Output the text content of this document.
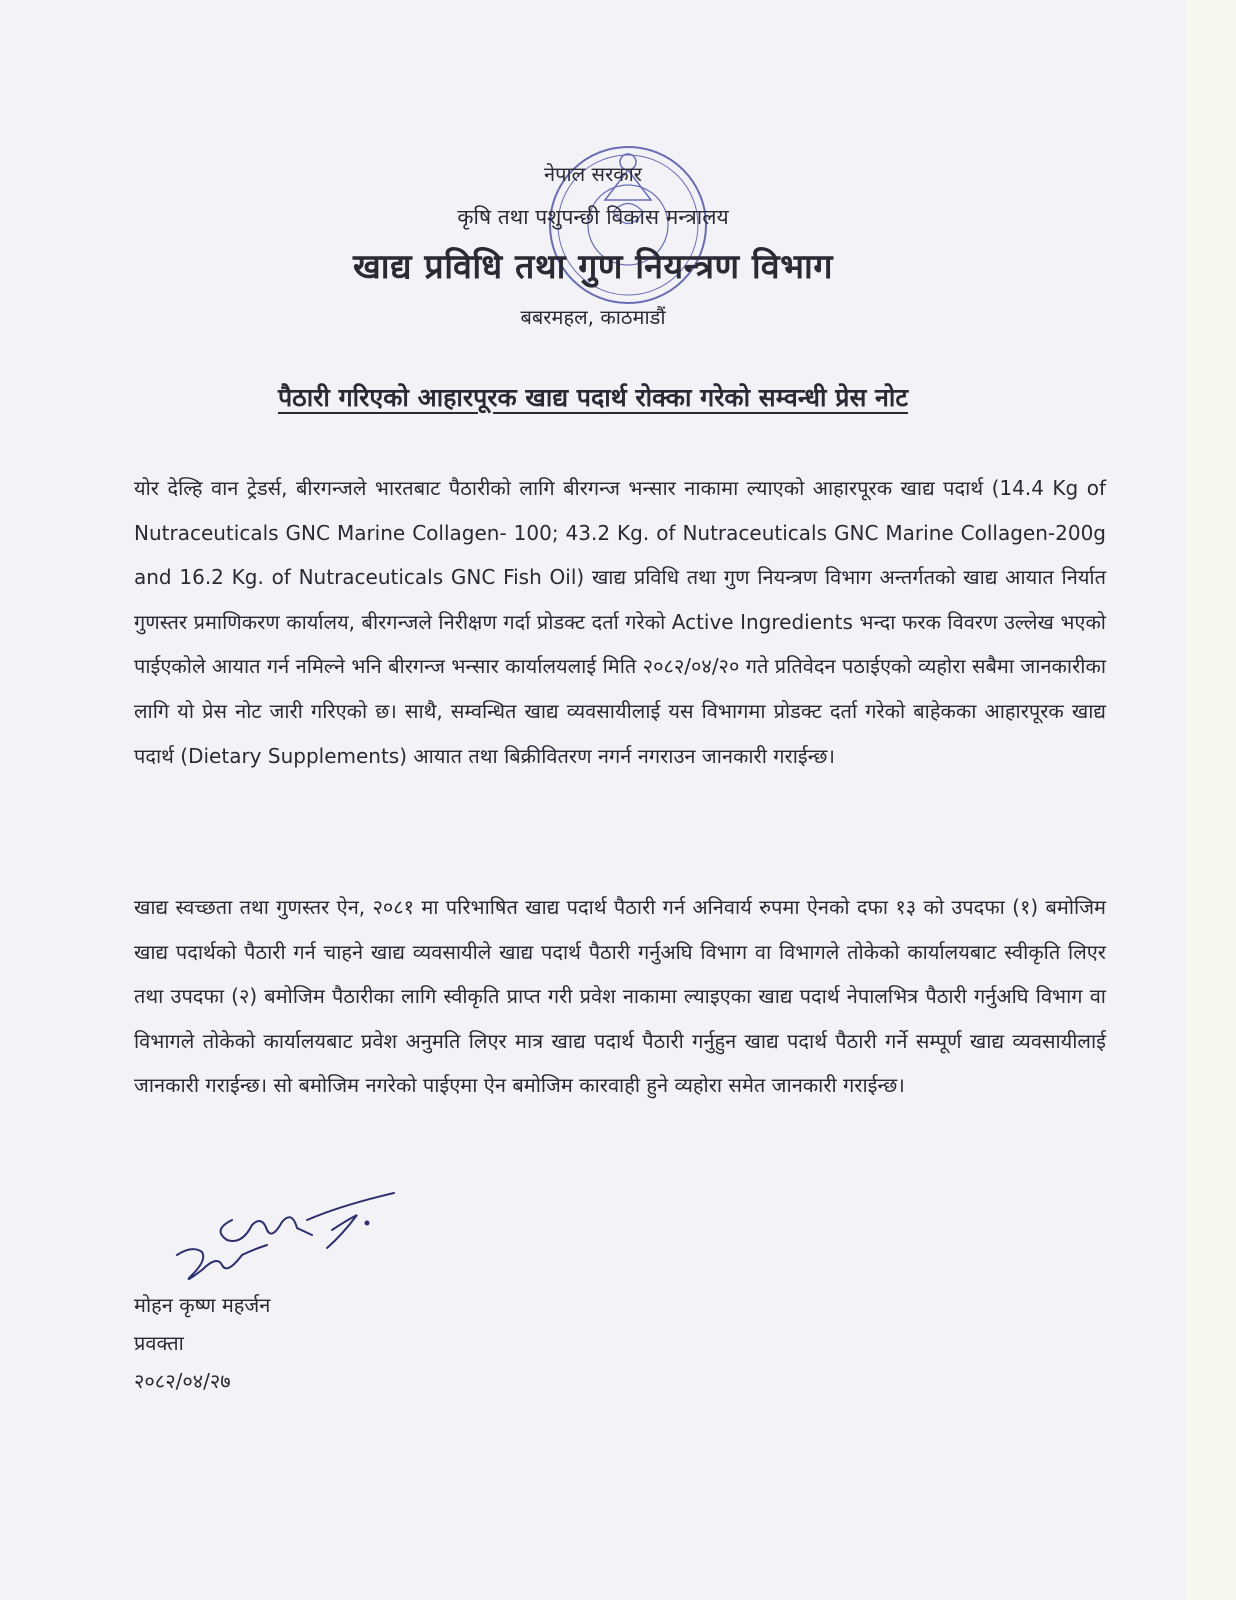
नेपाल सरकार
कृषि तथा पशुपन्छी विकास मन्त्रालय
खाद्य प्रविधि तथा गुण नियन्त्रण विभाग
बबरमहल, काठमाडौं
पैठारी गरिएको आहारपूरक खाद्य पदार्थ रोक्का गरेको सम्वन्धी प्रेस नोट

योर देल्हि वान ट्रेडर्स, बीरगन्जले भारतबाट पैठारीको लागि बीरगन्ज भन्सार नाकामा ल्याएको आहारपूरक खाद्य पदार्थ (14.4 Kg of Nutraceuticals GNC Marine Collagen- 100; 43.2 Kg. of Nutraceuticals GNC Marine Collagen-200g and 16.2 Kg. of Nutraceuticals GNC Fish Oil) खाद्य प्रविधि तथा गुण नियन्त्रण विभाग अन्तर्गतको खाद्य आयात निर्यात गुणस्तर प्रमाणिकरण कार्यालय, बीरगन्जले निरीक्षण गर्दा प्रोडक्ट दर्ता गरेको Active Ingredients भन्दा फरक विवरण उल्लेख भएको पाईएकोले आयात गर्न नमिल्ने भनि बीरगन्ज भन्सार कार्यालयलाई मिति २०८२/०४/२० गते प्रतिवेदन पठाईएको व्यहोरा सबैमा जानकारीका लागि यो प्रेस नोट जारी गरिएको छ। साथै, सम्वन्धित खाद्य व्यवसायीलाई यस विभागमा प्रोडक्ट दर्ता गरेको बाहेकका आहारपूरक खाद्य पदार्थ (Dietary Supplements) आयात तथा बिक्रीवितरण नगर्न नगराउन जानकारी गराईन्छ।

खाद्य स्वच्छता तथा गुणस्तर ऐन, २०८१ मा परिभाषित खाद्य पदार्थ पैठारी गर्न अनिवार्य रुपमा ऐनको दफा १३ को उपदफा (१) बमोजिम खाद्य पदार्थको पैठारी गर्न चाहने खाद्य व्यवसायीले खाद्य पदार्थ पैठारी गर्नुअघि विभाग वा विभागले तोकेको कार्यालयबाट स्वीकृति लिएर तथा उपदफा (२) बमोजिम पैठारीका लागि स्वीकृति प्राप्त गरी प्रवेश नाकामा ल्याइएका खाद्य पदार्थ नेपालभित्र पैठारी गर्नुअघि विभाग वा विभागले तोकेको कार्यालयबाट प्रवेश अनुमति लिएर मात्र खाद्य पदार्थ पैठारी गर्नुहुन खाद्य पदार्थ पैठारी गर्ने सम्पूर्ण खाद्य व्यवसायीलाई जानकारी गराईन्छ। सो बमोजिम नगरेको पाईएमा ऐन बमोजिम कारवाही हुने व्यहोरा समेत जानकारी गराईन्छ।

मोहन कृष्ण महर्जन
प्रवक्ता
२०८२/०४/२७
